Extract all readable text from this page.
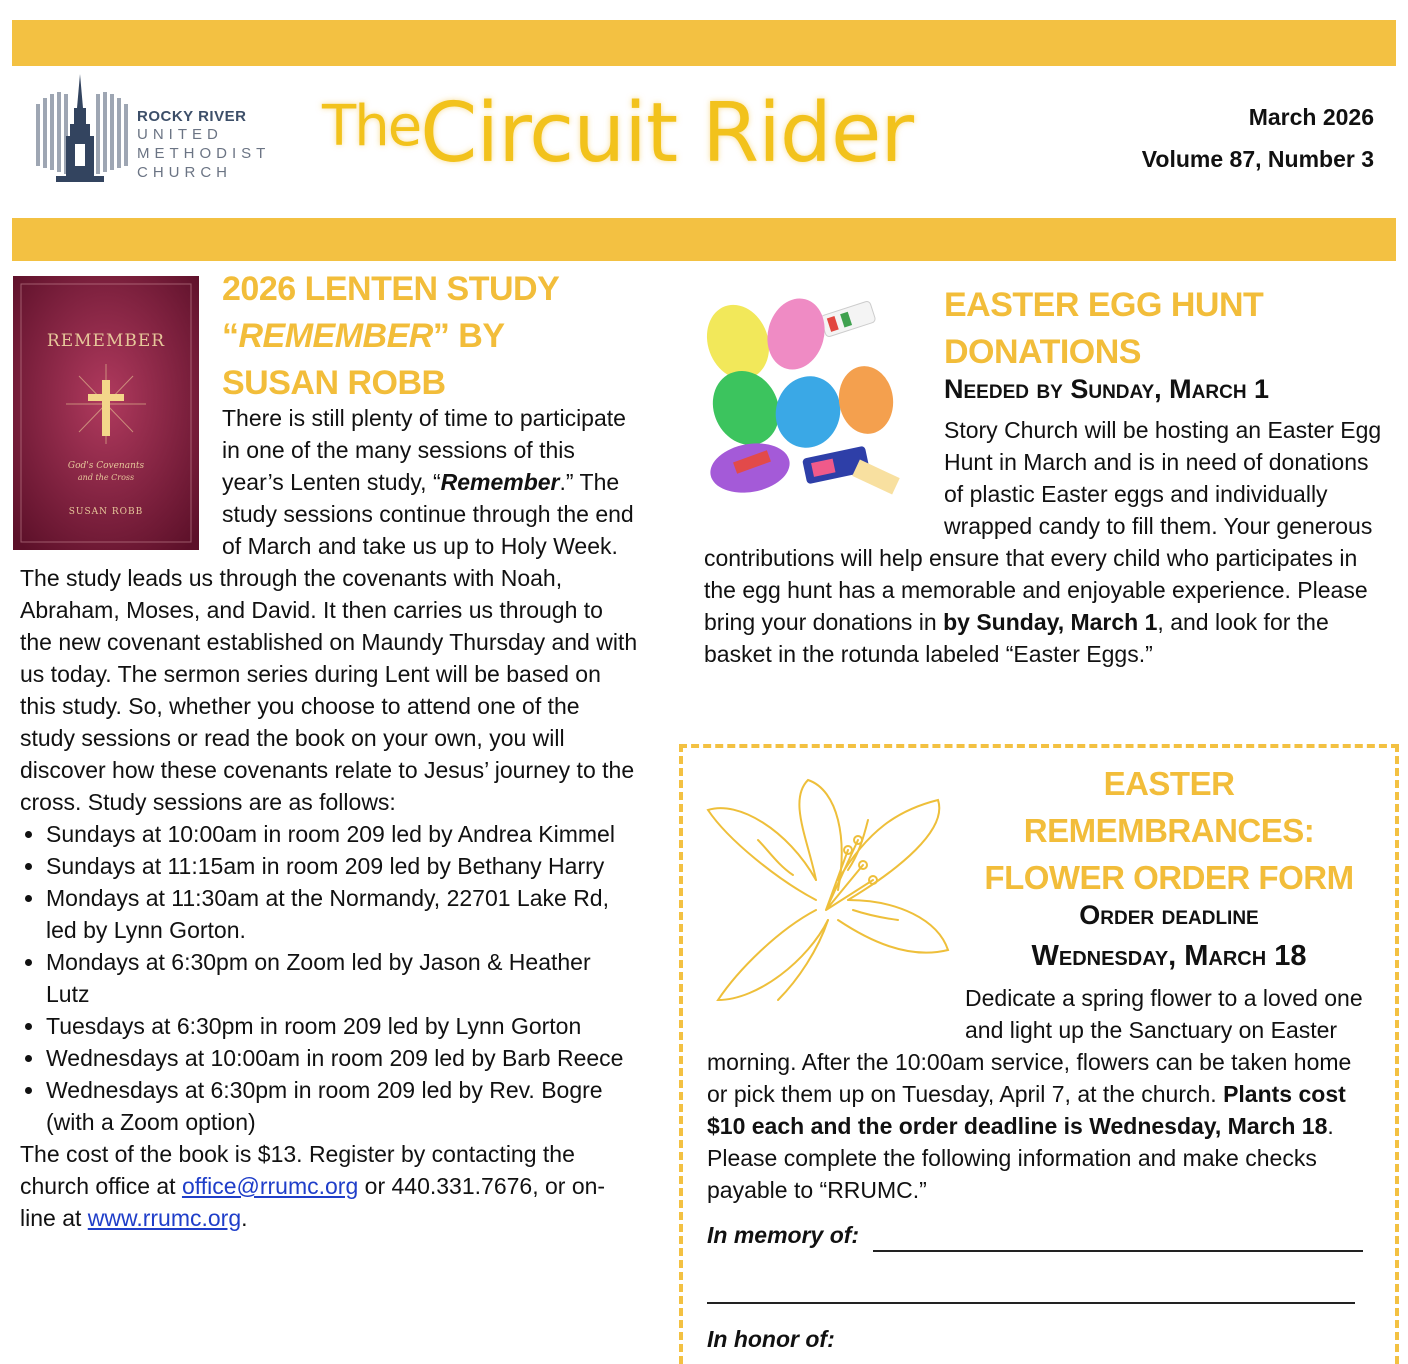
ROCKY RIVER
UNITED
METHODIST
CHURCH
TheCircuit Rider	March 2026
Volume 87, Number 3
REMEMBER
God's Covenants
and the Cross
SUSAN ROBB
2026 LENTEN STUDY
“REMEMBER” BY
SUSAN ROBB

There is still plenty of time to participate in one of the many sessions of this year’s Lenten study, “Remember.” The study sessions continue through the end of March and take us up to Holy Week. The study leads us through the covenants with Noah, Abraham, Moses, and David. It then carries us through to the new covenant established on Maundy Thursday and with us today. The sermon series during Lent will be based on this study. So, whether you choose to attend one of the study sessions or read the book on your own, you will discover how these covenants relate to Jesus’ journey to the cross. Study sessions are as follows:

• Sundays at 10:00am in room 209 led by Andrea Kimmel
• Sundays at 11:15am in room 209 led by Bethany Harry
• Mondays at 11:30am at the Normandy, 22701 Lake Rd, led by Lynn Gorton.
• Mondays at 6:30pm on Zoom led by Jason & Heather Lutz
• Tuesdays at 6:30pm in room 209 led by Lynn Gorton
• Wednesdays at 10:00am in room 209 led by Barb Reece
• Wednesdays at 6:30pm in room 209 led by Rev. Bogre (with a Zoom option)

The cost of the book is $13. Register by contacting the church office at office@rrumc.org or 440.331.7676, or on-line at www.rrumc.org.

EASTER EGG HUNT DONATIONS
Needed by Sunday, March 1

Story Church will be hosting an Easter Egg Hunt in March and is in need of donations of plastic Easter eggs and individually wrapped candy to fill them. Your generous contributions will help ensure that every child who participates in the egg hunt has a memorable and enjoyable experience. Please bring your donations in by Sunday, March 1, and look for the basket in the rotunda labeled “Easter Eggs.”

EASTER REMEMBRANCES: FLOWER ORDER FORM
Order deadline
Wednesday, March 18

Dedicate a spring flower to a loved one and light up the Sanctuary on Easter morning. After the 10:00am service, flowers can be taken home or pick them up on Tuesday, April 7, at the church. Plants cost $10 each and the order deadline is Wednesday, March 18. Please complete the following information and make checks payable to “RRUMC.”

In memory of:
In honor of:
